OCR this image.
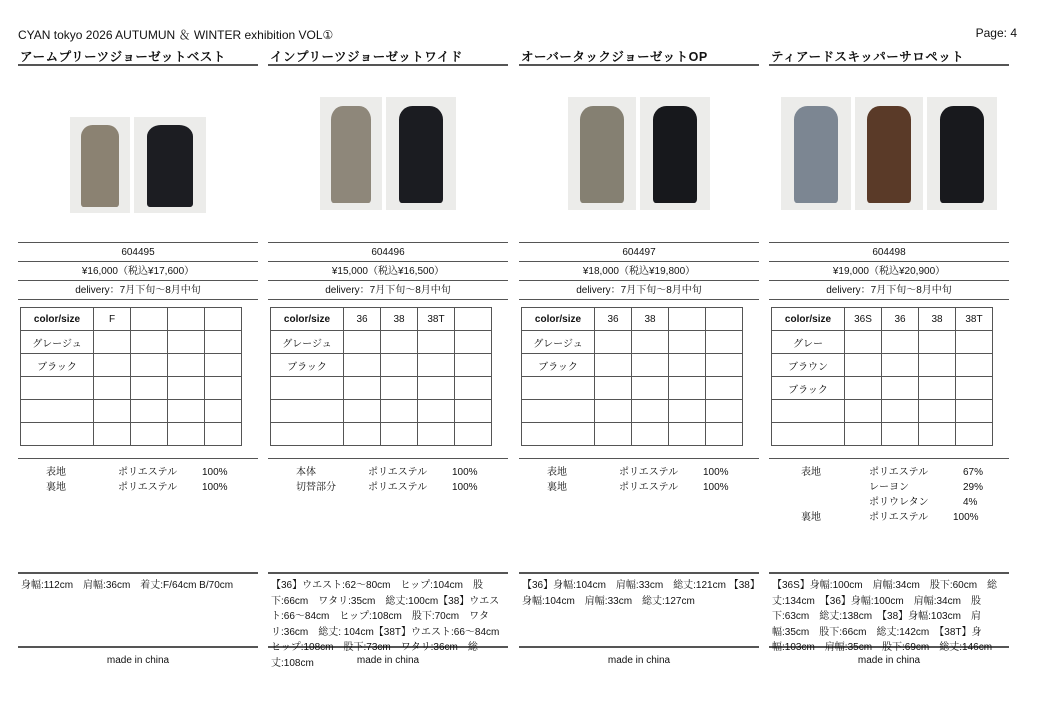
CYAN tokyo 2026 AUTUMUN ＆ WINTER exhibition VOL①	Page: 4
アームプリーツジョーゼットベスト
604495
¥16,000（税込¥17,600）
delivery：7月下旬〜8月中旬
color/size	F			
グレージュ				
ブラック				

表地	ポリエステル 100%
裏地	ポリエステル 100%
身幅:112cm　肩幅:36cm　着丈:F/64cm B/70cm
made in china
インプリーツジョーゼットワイド
604496
¥15,000（税込¥16,500）
delivery：7月下旬〜8月中旬
color/size	36	38	38T	
グレージュ				
ブラック				

本体	ポリエステル 100%
切替部分	ポリエステル 100%
【36】ウエスト:62〜80cm　ヒップ:104cm　股下:66cm　ワタリ:35cm　総丈:100cm【38】ウエスト:66〜84cm　ヒップ:108cm　股下:70cm　ワタリ:36cm　総丈: 104cm【38T】ウエスト:66〜84cm　ヒップ:108cm　股下:73cm　ワタリ:36cm　総丈:108cm	made in china
オーバータックジョーゼットOP
604497
¥18,000（税込¥19,800）
delivery：7月下旬〜8月中旬
color/size	36	38		
グレージュ				
ブラック				

表地	ポリエステル 100%
裏地	ポリエステル 100%
【36】身幅:104cm　肩幅:33cm　総丈:121cm 【38】身幅:104cm　肩幅:33cm　総丈:127cm
made in china
ティアードスキッパーサロペット
604498
¥19,000（税込¥20,900）
delivery：7月下旬〜8月中旬
color/size	36S	36	38	38T
グレー				
ブラウン				
ブラック				

表地	ポリエステル	67%
レーヨン	29%
ポリウレタン	4%
裏地	ポリエステル 100%
【36S】身幅:100cm　肩幅:34cm　股下:60cm　総丈:134cm　【36】身幅:100cm　肩幅:34cm　股下:63cm　総丈:138cm　【38】身幅:103cm　肩幅:35cm　股下:66cm　総丈:142cm　【38T】身幅:103cm　肩幅:35cm　股下:69cm　総丈:146cm
made in china
